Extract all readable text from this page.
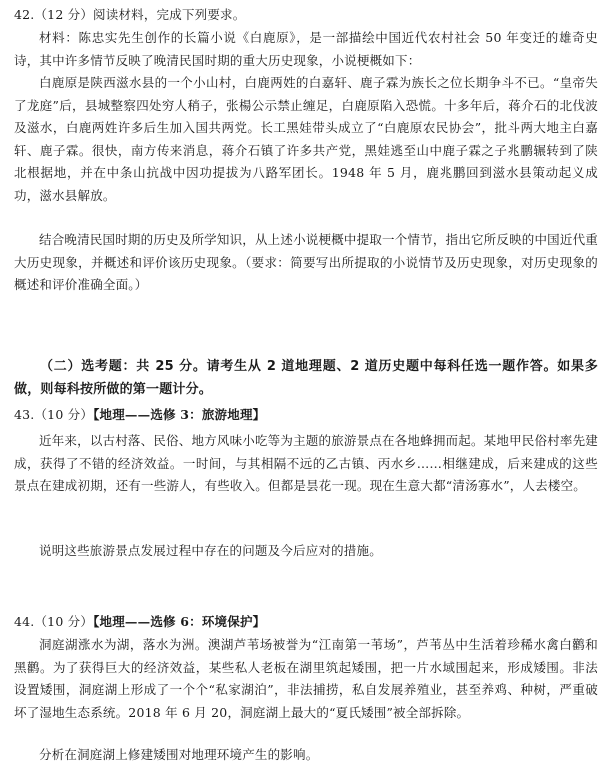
42.（12 分）阅读材料，完成下列要求。

材料：陈忠实先生创作的长篇小说《白鹿原》，是一部描绘中国近代农村社会 50 年变迁的雄奇史诗，其中许多情节反映了晚清民国时期的重大历史现象，小说梗概如下：

白鹿原是陕西滋水县的一个小山村，白鹿两姓的白嘉轩、鹿子霖为族长之位长期争斗不已。“皇帝失了龙庭”后，县城整察四处穷人稍子，张楊公示禁止缠足，白鹿原陷入恐慌。十多年后，蒋介石的北伐波及滋水，白鹿两姓许多后生加入国共两党。长工黑娃带头成立了“白鹿原农民协会”，批斗两大地主白嘉轩、鹿子霖。很快，南方传来消息，蒋介石镇了许多共产党，黑娃逃至山中鹿子霖之子兆鹏辗转到了陕北根据地，并在中条山抗战中因功提拔为八路军团长。1948 年 5 月，鹿兆鹏回到滋水县策动起义成功，滋水县解放。

结合晚清民国时期的历史及所学知识，从上述小说梗概中提取一个情节，指出它所反映的中国近代重大历史现象，并概述和评价该历史现象。（要求：简要写出所提取的小说情节及历史现象，对历史现象的概述和评价准确全面。）

（二）选考题：共 25 分。请考生从 2 道地理题、2 道历史题中每科任选一题作答。如果多做，则每科按所做的第一题计分。

43.（10 分）【地理——选修 3：旅游地理】

近年来，以古村落、民俗、地方风味小吃等为主题的旅游景点在各地蜂拥而起。某地甲民俗村率先建成，获得了不错的经济效益。一时间，与其相隔不远的乙古镇、丙水乡……相继建成，后来建成的这些景点在建成初期，还有一些游人，有些收入。但都是昙花一现。现在生意大都“清汤寡水”，人去楼空。

说明这些旅游景点发展过程中存在的问题及今后应对的措施。

44.（10 分）【地理——选修 6：环境保护】

洞庭湖涨水为湖，落水为洲。澳湖芦苇场被誉为“江南第一苇场”，芦苇丛中生活着珍稀水禽白鹳和黑鹳。为了获得巨大的经济效益，某些私人老板在湖里筑起矮围，把一片水域围起来，形成矮围。非法设置矮围，洞庭湖上形成了一个个“私家湖泊”，非法捕捞，私自发展养殖业，甚至养鸡、种树，严重破坏了湿地生态系统。2018 年 6 月 20，洞庭湖上最大的“夏氏矮围”被全部拆除。

分析在洞庭湖上修建矮围对地理环境产生的影响。
